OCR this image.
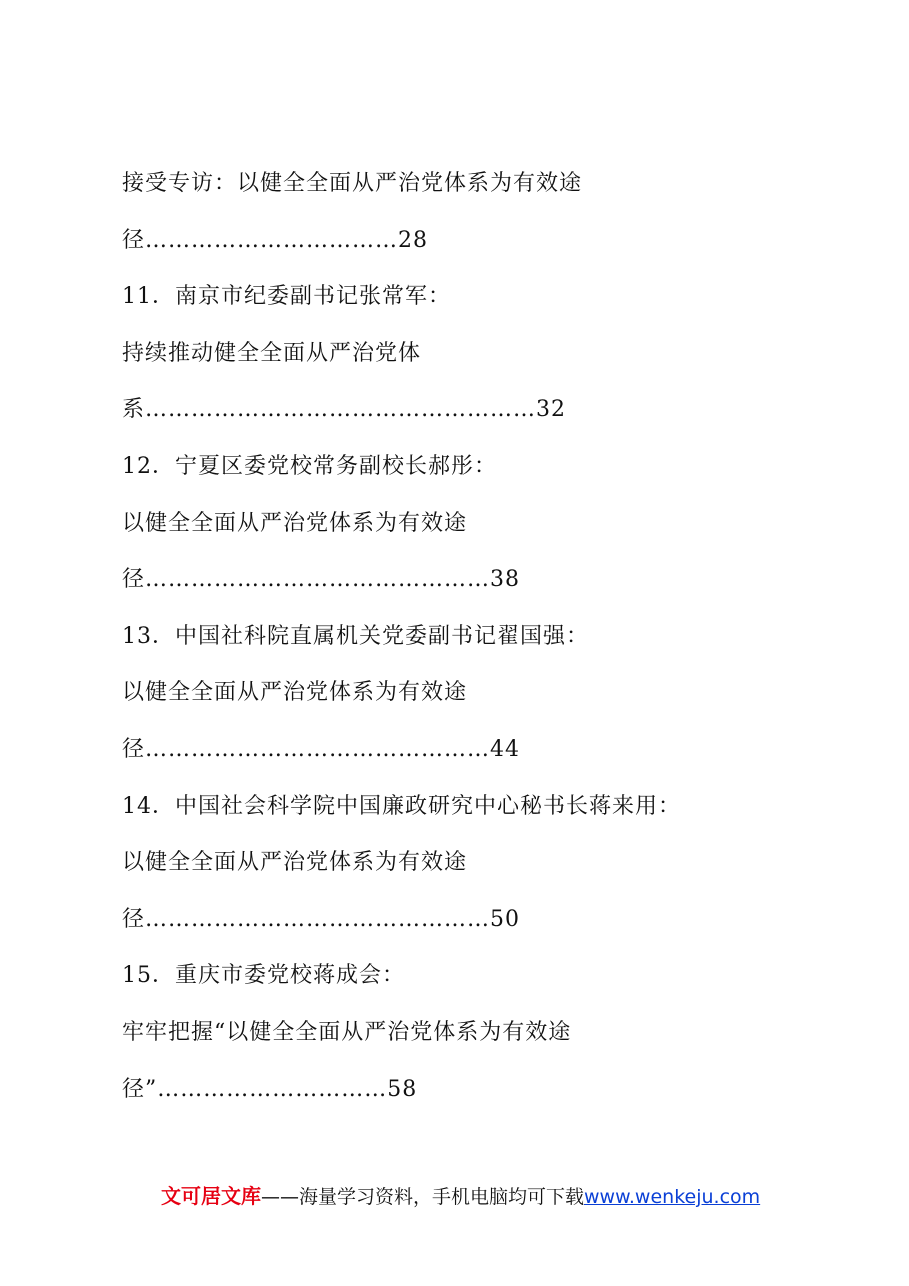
接受专访：以健全全面从严治党体系为有效途
径……………………………28
11．南京市纪委副书记张常军：
持续推动健全全面从严治党体
系……………………………………………32
12．宁夏区委党校常务副校长郝彤：
以健全全面从严治党体系为有效途
径………………………………………38
13．中国社科院直属机关党委副书记翟国强：
以健全全面从严治党体系为有效途
径………………………………………44
14．中国社会科学院中国廉政研究中心秘书长蒋来用：
以健全全面从严治党体系为有效途
径………………………………………50
15．重庆市委党校蒋成会：
牢牢把握“以健全全面从严治党体系为有效途
径”…………………………58
文可居文库——海量学习资料，手机电脑均可下载www.wenkeju.com
